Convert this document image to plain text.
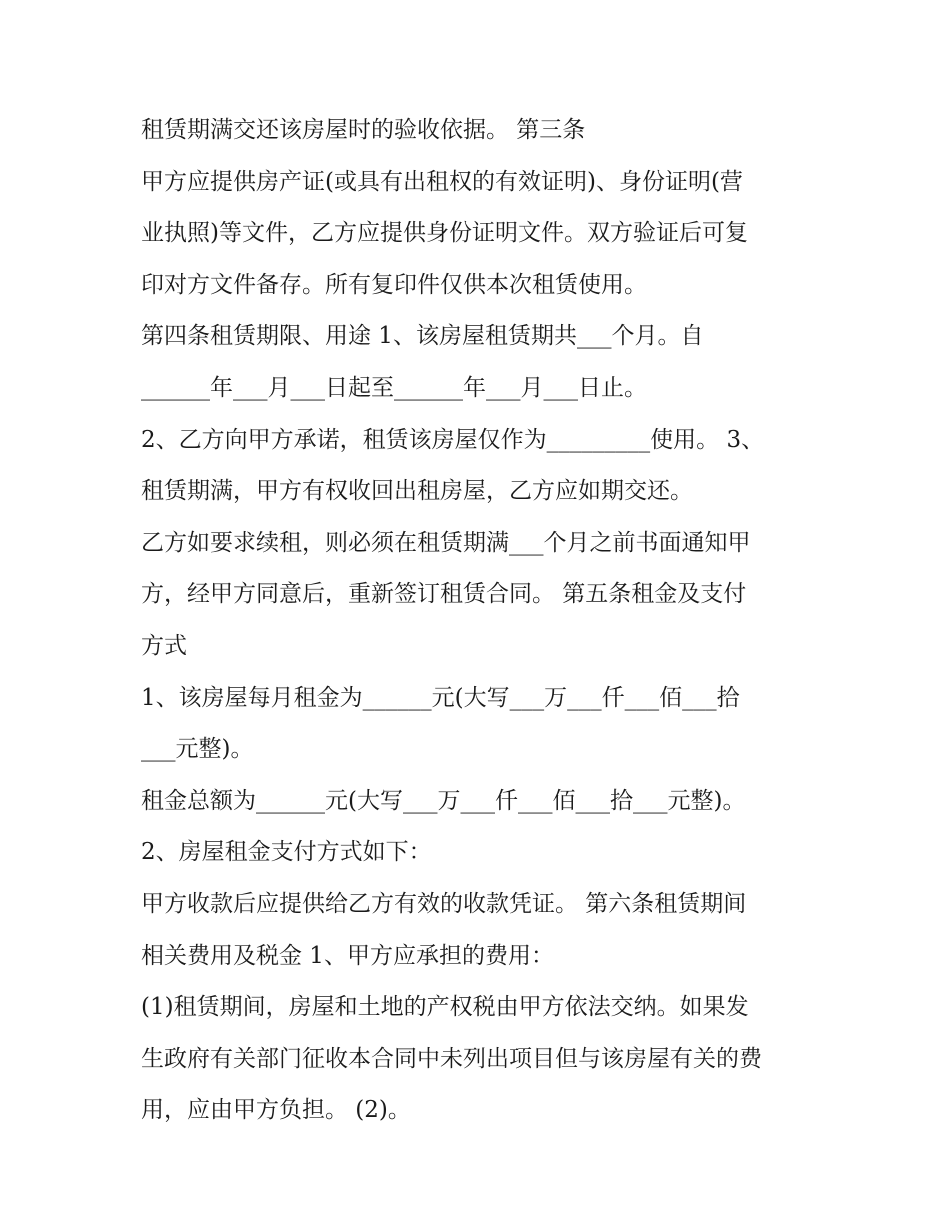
租赁期满交还该房屋时的验收依据。 第三条
甲方应提供房产证(或具有出租权的有效证明)、身份证明(营
业执照)等文件，乙方应提供身份证明文件。双方验证后可复
印对方文件备存。所有复印件仅供本次租赁使用。
第四条租赁期限、用途 1、该房屋租赁期共___个月。自
______年___月___日起至______年___月___日止。
2、乙方向甲方承诺，租赁该房屋仅作为_________使用。 3、
租赁期满，甲方有权收回出租房屋，乙方应如期交还。
乙方如要求续租，则必须在租赁期满___个月之前书面通知甲
方，经甲方同意后，重新签订租赁合同。 第五条租金及支付
方式
1、该房屋每月租金为______元(大写___万___仟___佰___拾
___元整)。
租金总额为______元(大写___万___仟___佰___拾___元整)。
2、房屋租金支付方式如下：
甲方收款后应提供给乙方有效的收款凭证。 第六条租赁期间
相关费用及税金 1、甲方应承担的费用：
(1)租赁期间，房屋和土地的产权税由甲方依法交纳。如果发
生政府有关部门征收本合同中未列出项目但与该房屋有关的费
用，应由甲方负担。 (2)。
